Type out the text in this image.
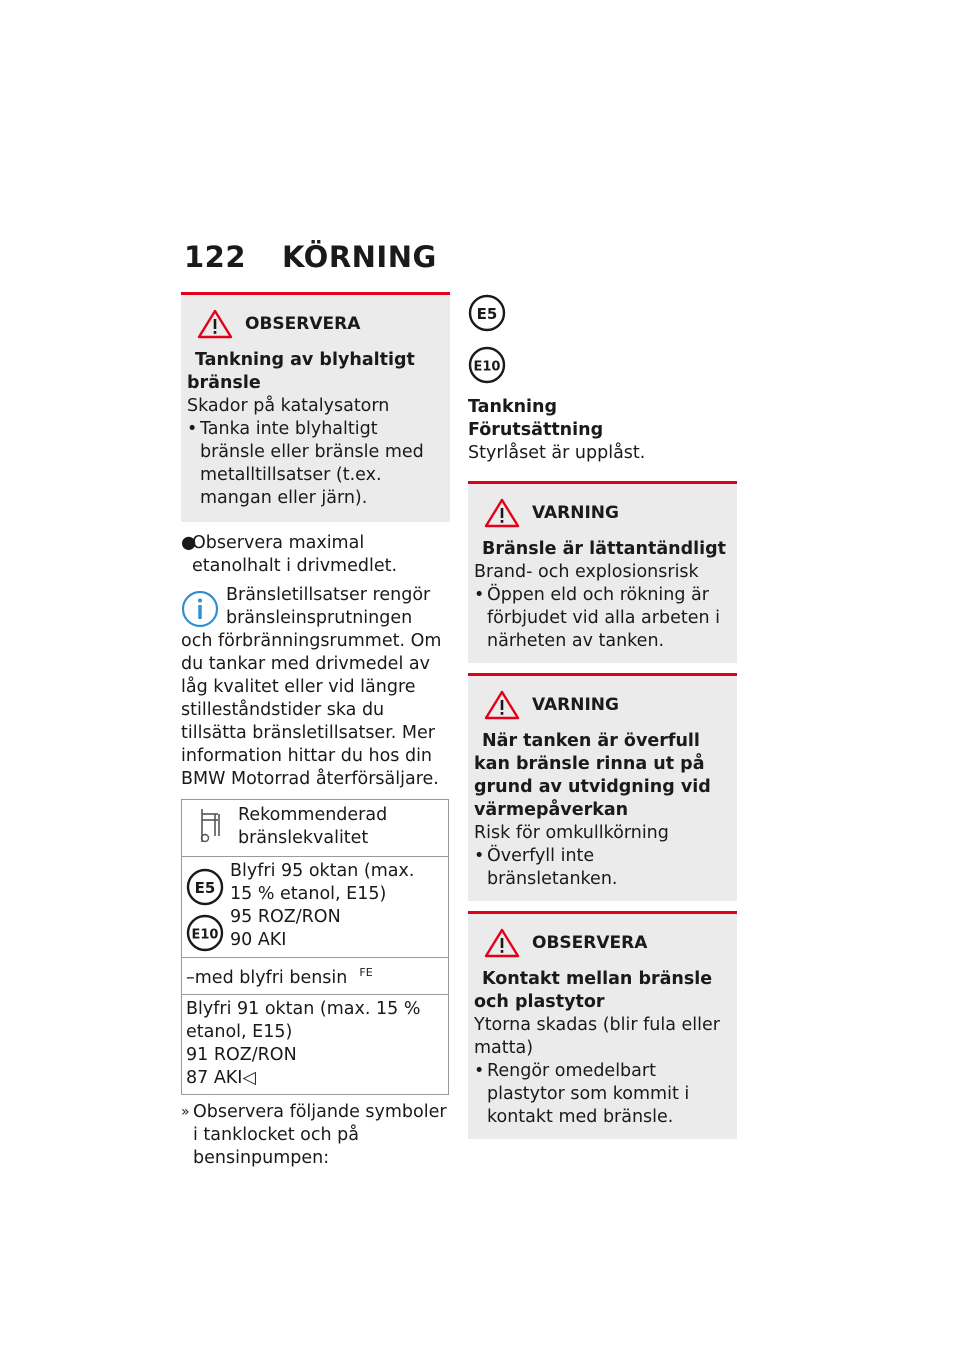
122 KÖRNING
OBSERVERA
Tankning av blyhaltigt bränsle
Skador på katalysatorn
•
Tanka inte blyhaltigt bränsle eller bränsle med metalltillsatser (t.ex. mangan eller järn).
●
Observera maximal etanolhalt i drivmedlet.
Bränsletillsatser rengör bränsleinsprutningen
och förbränningsrummet. Om du tankar med drivmedel av låg kvalitet eller vid längre stilleståndstider ska du tillsätta bränsletillsatser. Mer information hittar du hos din BMW Motorrad återförsäljare.
Rekommenderad bränslekvalitet

E5
E10
Blyfri 95 oktan (max.
15 % etanol, E15)
95 ROZ/RON
90 AKI

–med blyfri bensin $^{FE}$

Blyfri 91 oktan (max. 15 %
etanol, E15)
91 ROZ/RON
87 AKI◁
» Observera följande symboler i tanklocket och på bensinpumpen:
E5
E10
Tankning
Förutsättning
Styrlåset är upplåst.
VARNING
Bränsle är lättantändligt
Brand- och explosionsrisk
•
Öppen eld och rökning är förbjudet vid alla arbeten i närheten av tanken.
VARNING
När tanken är överfull kan bränsle rinna ut på grund av utvidgning vid värmepåverkan
Risk för omkullkörning
•
Överfyll inte bränsletanken.
OBSERVERA
Kontakt mellan bränsle och plastytor
Ytorna skadas (blir fula eller matta)
•
Rengör omedelbart plastytor som kommit i kontakt med bränsle.
